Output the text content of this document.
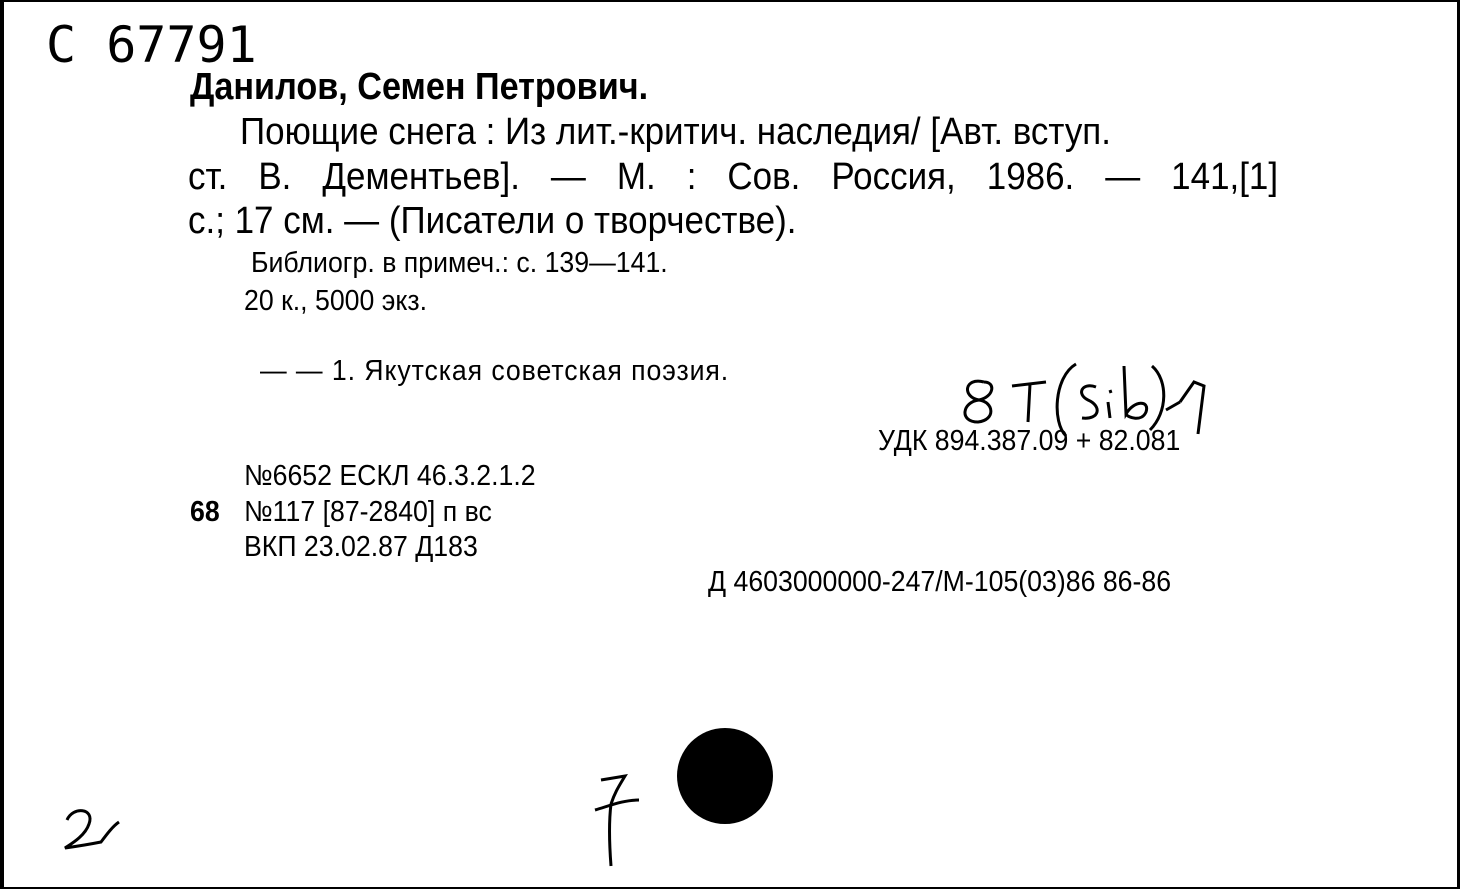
С 67791
Данилов, Семен Петрович.
Поющие снега : Из лит.-критич. наследия/ [Авт. вступ.
ст. В. Дементьев]. — М. : Сов. Россия, 1986. — 141,[1]
с.; 17 см. — (Писатели о творчестве).
Библиогр. в примеч.: с. 139—141.
20 к., 5000 экз.
— — 1. Якутская советская поэзия.
УДК 894.387.09 + 82.081
№6652 ЕСКЛ 46.3.2.1.2
68 №117 [87-2840] п вс
ВКП 23.02.87 Д183
Д 4603000000-247/М-105(03)86 86-86
